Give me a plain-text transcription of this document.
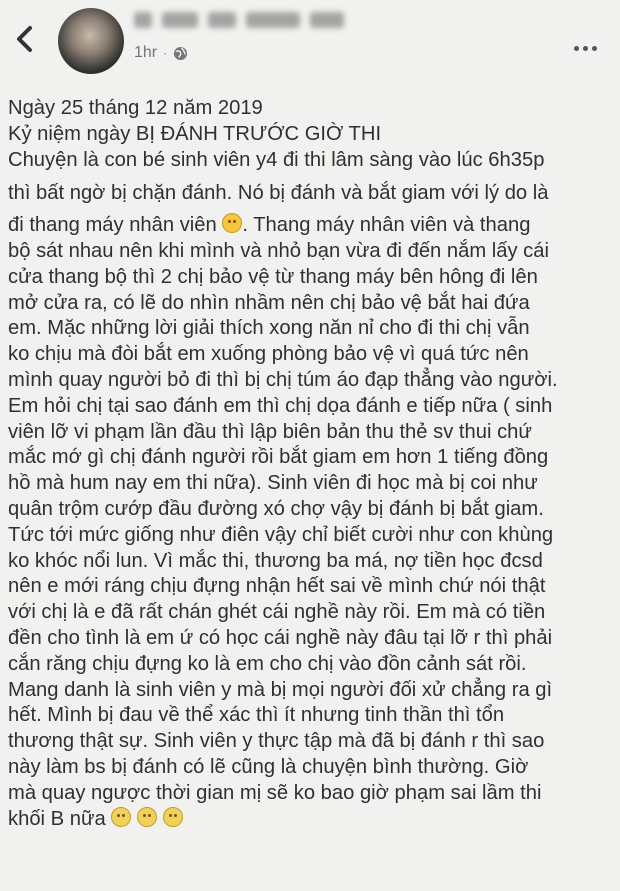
1hr ·

Ngày 25 tháng 12 năm 2019

Kỷ niệm ngày BỊ ĐÁNH TRƯỚC GIỜ THI

Chuyện là con bé sinh viên y4 đi thi lâm sàng vào lúc 6h35p

thì bất ngờ bị chặn đánh. Nó bị đánh và bắt giam với lý do là

đi thang máy nhân viên . Thang máy nhân viên và thang

bộ sát nhau nên khi mình và nhỏ bạn vừa đi đến nắm lấy cái

cửa thang bộ thì 2 chị bảo vệ từ thang máy bên hông đi lên

mở cửa ra, có lẽ do nhìn nhầm nên chị bảo vệ bắt hai đứa

em. Mặc những lời giải thích xong năn nỉ cho đi thi chị vẫn

ko chịu mà đòi bắt em xuống phòng bảo vệ vì quá tức nên

mình quay người bỏ đi thì bị chị túm áo đạp thẳng vào người.

Em hỏi chị tại sao đánh em thì chị dọa đánh e tiếp nữa ( sinh

viên lỡ vi phạm lần đầu thì lập biên bản thu thẻ sv thui chứ

mắc mớ gì chị đánh người rồi bắt giam em hơn 1 tiếng đồng

hồ mà hum nay em thi nữa). Sinh viên đi học mà bị coi như

quân trộm cướp đầu đường xó chợ vậy bị đánh bị bắt giam.

Tức tới mức giống như điên vậy chỉ biết cười như con khùng

ko khóc nổi lun. Vì mắc thi, thương ba má, nợ tiền học đcsd

nên e mới ráng chịu đựng nhận hết sai về mình chứ nói thật

với chị là e đã rất chán ghét cái nghề này rồi. Em mà có tiền

đền cho tình là em ứ có học cái nghề này đâu tại lỡ r thì phải

cắn răng chịu đựng ko là em cho chị vào đồn cảnh sát rồi.

Mang danh là sinh viên y mà bị mọi người đối xử chẳng ra gì

hết. Mình bị đau về thể xác thì ít nhưng tinh thần thì tổn

thương thật sự. Sinh viên y thực tập mà đã bị đánh r thì sao

này làm bs bị đánh có lẽ cũng là chuyện bình thường. Giờ

mà quay ngược thời gian mị sẽ ko bao giờ phạm sai lầm thi

khối B nữa
